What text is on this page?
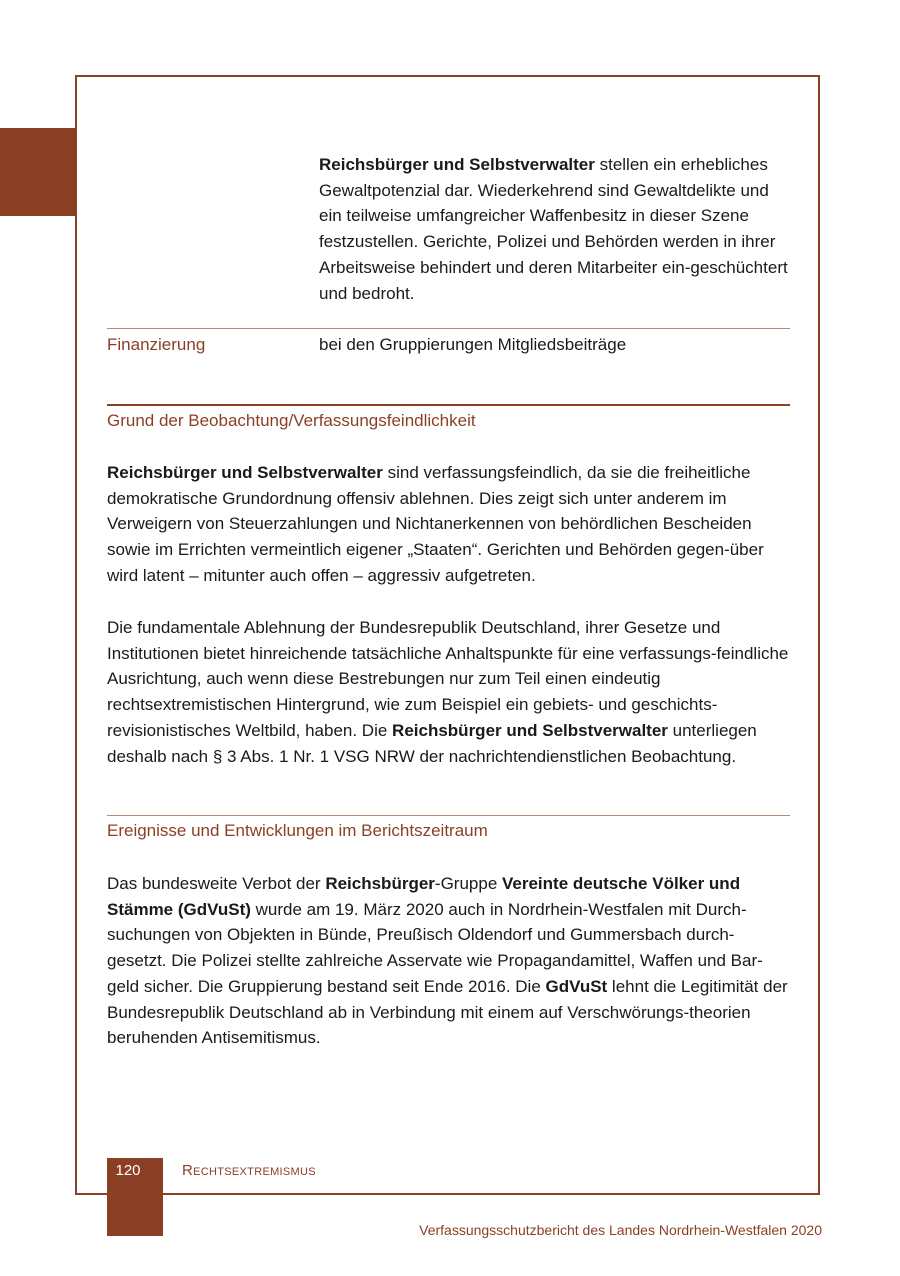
Reichsbürger und Selbstverwalter stellen ein erhebliches Gewaltpotenzial dar. Wiederkehrend sind Gewaltdelikte und ein teilweise umfangreicher Waffenbesitz in dieser Szene festzustellen. Gerichte, Polizei und Behörden werden in ihrer Arbeitsweise behindert und deren Mitarbeiter ein-geschüchtert und bedroht.

Finanzierung	bei den Gruppierungen Mitgliedsbeiträge
Grund der Beobachtung/Verfassungsfeindlichkeit

Reichsbürger und Selbstverwalter sind verfassungsfeindlich, da sie die freiheitliche demokratische Grundordnung offensiv ablehnen. Dies zeigt sich unter anderem im Verweigern von Steuerzahlungen und Nichtanerkennen von behördlichen Bescheiden sowie im Errichten vermeintlich eigener „Staaten“. Gerichten und Behörden gegen-über wird latent – mitunter auch offen – aggressiv aufgetreten.

Die fundamentale Ablehnung der Bundesrepublik Deutschland, ihrer Gesetze und Institutionen bietet hinreichende tatsächliche Anhaltspunkte für eine verfassungs-feindliche Ausrichtung, auch wenn diese Bestrebungen nur zum Teil einen eindeutig rechtsextremistischen Hintergrund, wie zum Beispiel ein gebiets- und geschichts-revisionistisches Weltbild, haben. Die Reichsbürger und Selbstverwalter unterliegen deshalb nach § 3 Abs. 1 Nr. 1 VSG NRW der nachrichtendienstlichen Beobachtung.

Ereignisse und Entwicklungen im Berichtszeitraum

Das bundesweite Verbot der Reichsbürger-Gruppe Vereinte deutsche Völker und Stämme (GdVuSt) wurde am 19. März 2020 auch in Nordrhein-Westfalen mit Durch-suchungen von Objekten in Bünde, Preußisch Oldendorf und Gummersbach durch-gesetzt. Die Polizei stellte zahlreiche Asservate wie Propagandamittel, Waffen und Bar-geld sicher. Die Gruppierung bestand seit Ende 2016. Die GdVuSt lehnt die Legitimität der Bundesrepublik Deutschland ab in Verbindung mit einem auf Verschwörungs-theorien beruhenden Antisemitismus.

120	Rechtsextremismus
Verfassungsschutzbericht des Landes Nordrhein-Westfalen 2020
